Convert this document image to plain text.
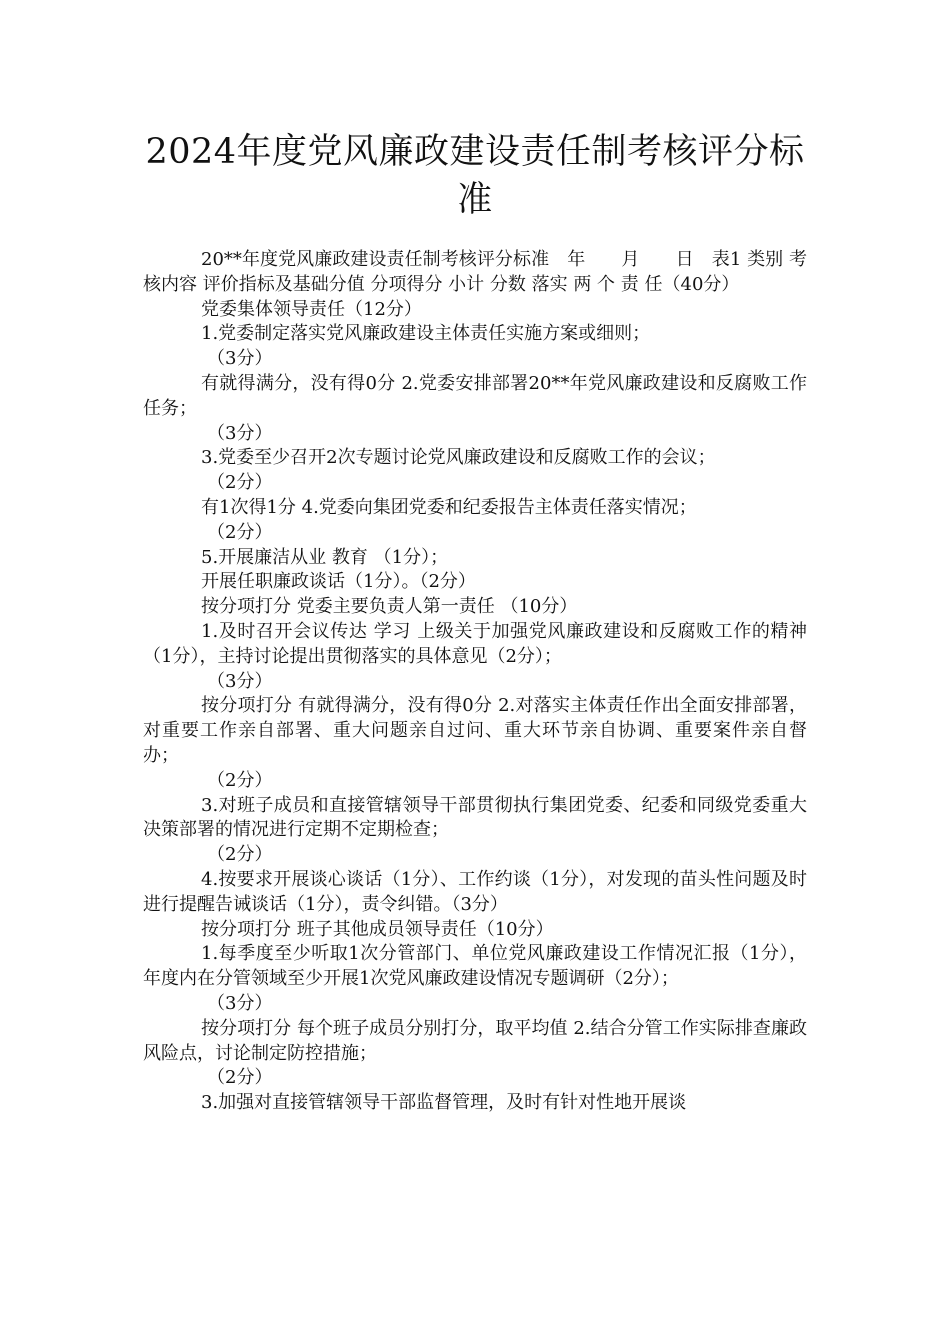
2024年度党风廉政建设责任制考核评分标准

20**年度党风廉政建设责任制考核评分标准　年　　月　　日　表1 类别 考核内容 评价指标及基础分值 分项得分 小计 分数 落实 两 个 责 任（40分）

党委集体领导责任（12分）

1.党委制定落实党风廉政建设主体责任实施方案或细则；

（3分）

有就得满分，没有得0分 2.党委安排部署20**年党风廉政建设和反腐败工作任务；

（3分）

3.党委至少召开2次专题讨论党风廉政建设和反腐败工作的会议；

（2分）

有1次得1分 4.党委向集团党委和纪委报告主体责任落实情况；

（2分）

5.开展廉洁从业 教育 （1分）；

开展任职廉政谈话（1分）。（2分）

按分项打分 党委主要负责人第一责任 （10分）

1.及时召开会议传达 学习 上级关于加强党风廉政建设和反腐败工作的精神（1分），主持讨论提出贯彻落实的具体意见（2分）；

（3分）

按分项打分 有就得满分，没有得0分 2.对落实主体责任作出全面安排部署，对重要工作亲自部署、重大问题亲自过问、重大环节亲自协调、重要案件亲自督办；

（2分）

3.对班子成员和直接管辖领导干部贯彻执行集团党委、纪委和同级党委重大决策部署的情况进行定期不定期检查；

（2分）

4.按要求开展谈心谈话（1分）、工作约谈（1分），对发现的苗头性问题及时进行提醒告诫谈话（1分），责令纠错。（3分）

按分项打分 班子其他成员领导责任（10分）

1.每季度至少听取1次分管部门、单位党风廉政建设工作情况汇报（1分），年度内在分管领域至少开展1次党风廉政建设情况专题调研（2分）；

（3分）

按分项打分 每个班子成员分别打分，取平均值 2.结合分管工作实际排查廉政风险点，讨论制定防控措施；

（2分）

3.加强对直接管辖领导干部监督管理，及时有针对性地开展谈
